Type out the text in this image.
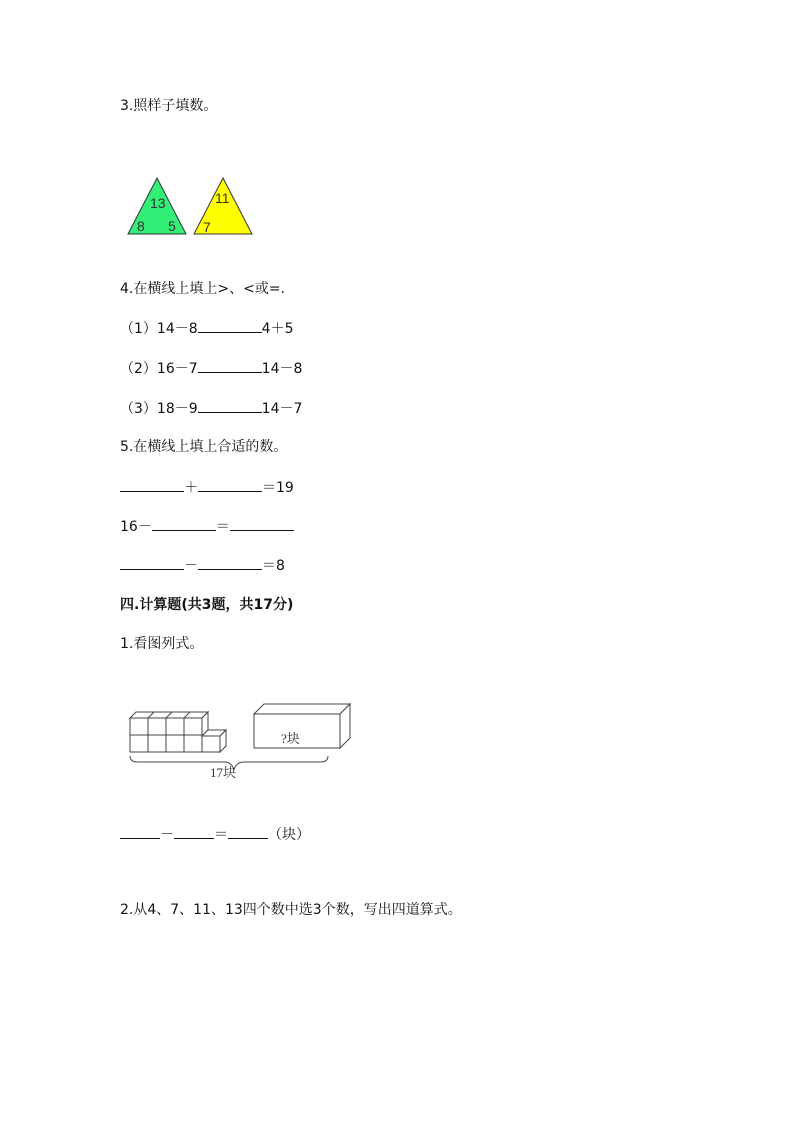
3.照样子填数。
13
8 5
11
7
4.在横线上填上>、<或=.
（1）14－8	4＋5
（2）16－7	14－8
（3）18－9	14－7
5.在横线上填上合适的数。
＋	＝19
16－	＝
－	＝8
四.计算题(共3题，共17分)
1.看图列式。
?块
17块
－	＝	（块）
2.从4、7、11、13四个数中选3个数，写出四道算式。
